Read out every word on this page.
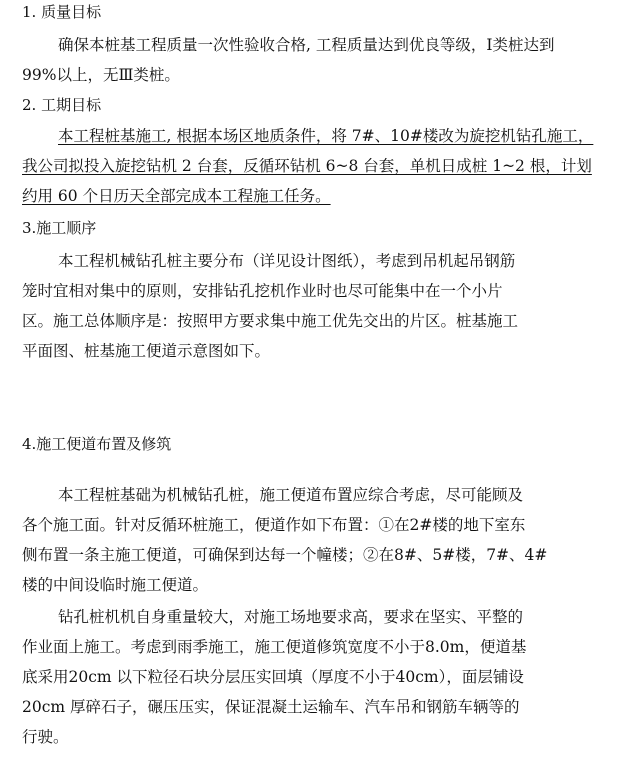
1. 质量目标
确保本桩基工程质量一次性验收合格, 工程质量达到优良等级，Ⅰ类桩达到
99%以上，无Ⅲ类桩。
2. 工期目标
本工程桩基施工, 根据本场区地质条件，将 7#、10#楼改为旋挖机钻孔施工，
我公司拟投入旋挖钻机 2 台套，反循环钻机 6~8 台套，单机日成桩 1~2 根，计划
约用 60 个日历天全部完成本工程施工任务。
3.施工顺序
本工程机械钻孔桩主要分布（详见设计图纸），考虑到吊机起吊钢筋
笼时宜相对集中的原则，安排钻孔挖机作业时也尽可能集中在一个小片
区。施工总体顺序是：按照甲方要求集中施工优先交出的片区。桩基施工
平面图、桩基施工便道示意图如下。
4.施工便道布置及修筑
本工程桩基础为机械钻孔桩，施工便道布置应综合考虑，尽可能顾及
各个施工面。针对反循环桩施工，便道作如下布置：①在2#楼的地下室东
侧布置一条主施工便道，可确保到达每一个幢楼；②在8#、5#楼，7#、4#
楼的中间设临时施工便道。
钻孔桩机机自身重量较大，对施工场地要求高，要求在坚实、平整的
作业面上施工。考虑到雨季施工，施工便道修筑宽度不小于8.0m，便道基
底采用20cm 以下粒径石块分层压实回填（厚度不小于40cm），面层铺设
20cm 厚碎石子，碾压压实，保证混凝土运输车、汽车吊和钢筋车辆等的
行驶。
